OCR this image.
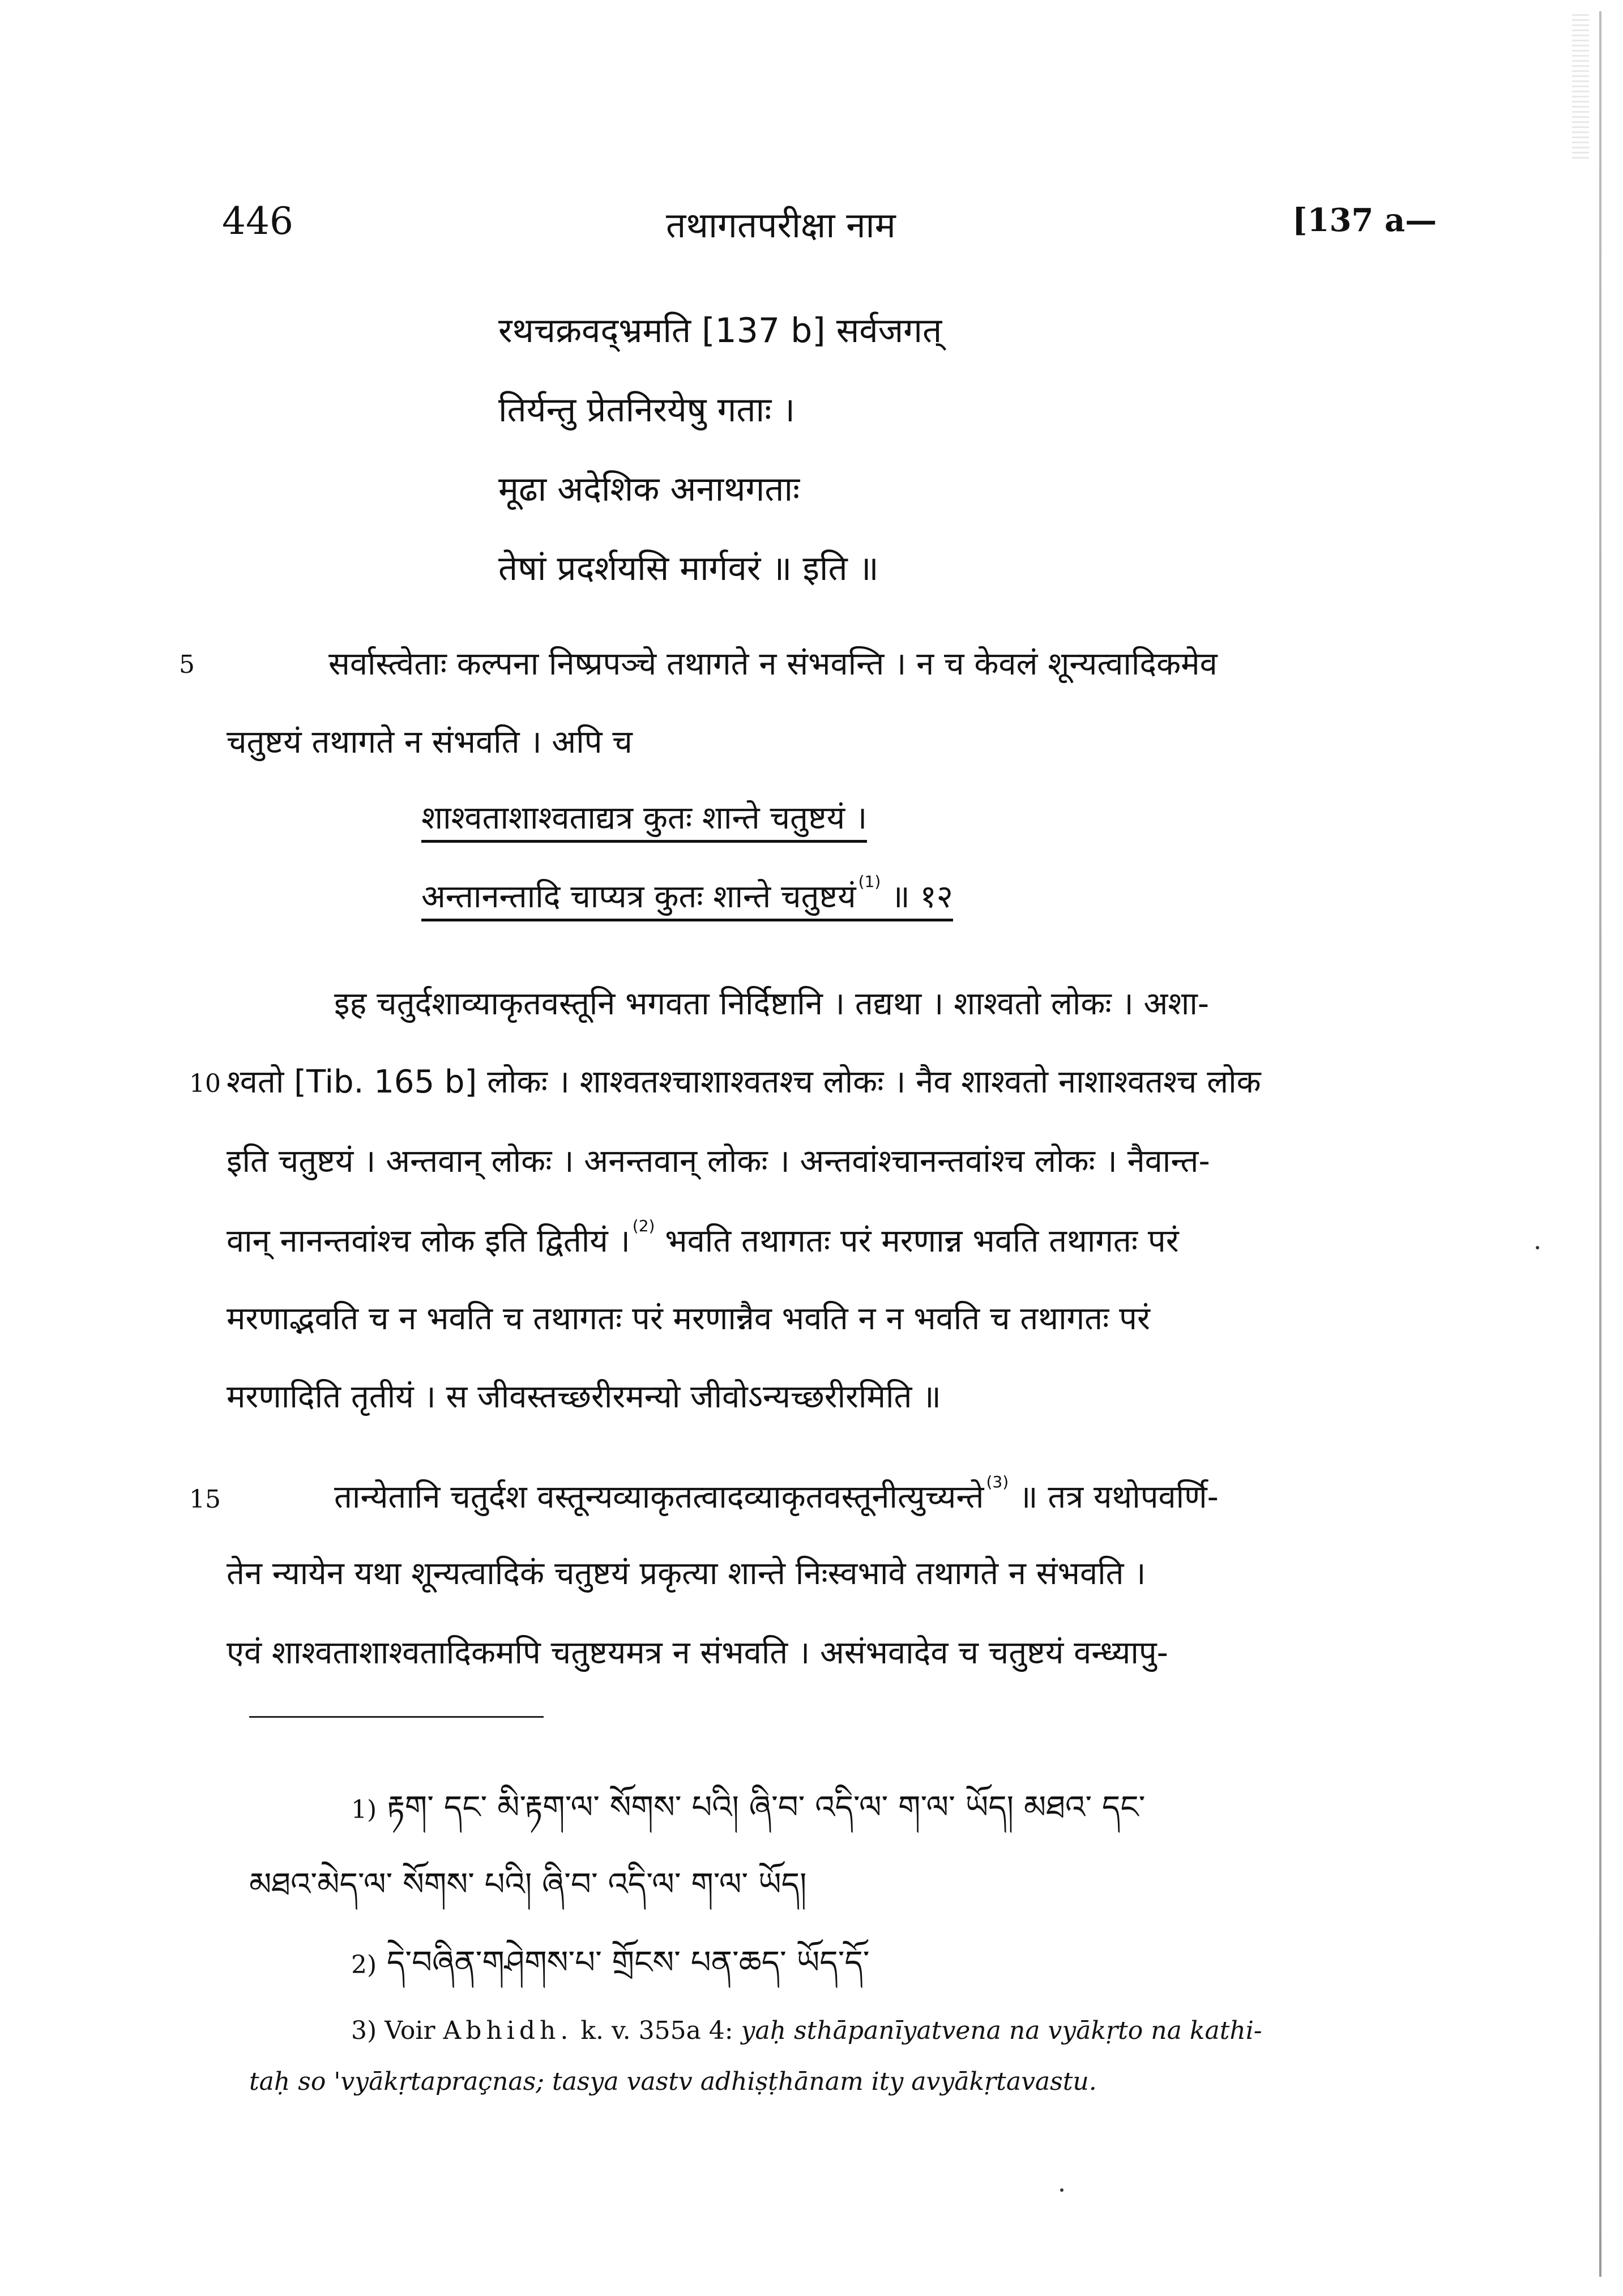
446	तथागतपरीक्षा नाम	[137 a—
रथचक्रवद्भ्रमति [137 b] सर्वजगत्
तिर्यन्तु प्रेतनिरयेषु गताः ।
मूढा अदेशिक अनाथगताः
तेषां प्रदर्शयसि मार्गवरं ॥ इति ॥
5	सर्वास्त्वेताः कल्पना निष्प्रपञ्चे तथागते न संभवन्ति । न च केवलं शून्यत्वादिकमेव
चतुष्टयं तथागते न संभवति । अपि च
शाश्वताशाश्वताद्यत्र कुतः शान्ते चतुष्टयं ।
अन्तानन्तादि चाप्यत्र कुतः शान्ते चतुष्टयं $^{(1)}$ ॥ १२
इह चतुर्दशाव्याकृतवस्तूनि भगवता निर्दिष्टानि । तद्यथा । शाश्वतो लोकः । अशा-
10 श्वतो [Tib. 165 b] लोकः । शाश्वतश्चाशाश्वतश्च लोकः । नैव शाश्वतो नाशाश्वतश्च लोक
इति चतुष्टयं । अन्तवान् लोकः । अनन्तवान् लोकः । अन्तवांश्चानन्तवांश्च लोकः । नैवान्त-
वान् नानन्तवांश्च लोक इति द्वितीयं । $^{(2)}$ भवति तथागतः परं मरणान्न भवति तथागतः परं
मरणाद्भवति च न भवति च तथागतः परं मरणान्नैव भवति न न भवति च तथागतः परं
मरणादिति तृतीयं । स जीवस्तच्छरीरमन्यो जीवोऽन्यच्छरीरमिति ॥
15	तान्येतानि चतुर्दश वस्तून्यव्याकृतत्वादव्याकृतवस्तूनीत्युच्यन्ते $^{(3)}$ ॥ तत्र यथोपवर्णि-
तेन न्यायेन यथा शून्यत्वादिकं चतुष्टयं प्रकृत्या शान्ते निःस्वभावे तथागते न संभवति ।
एवं शाश्वताशाश्वतादिकमपि चतुष्टयमत्र न संभवति । असंभवादेव च चतुष्टयं वन्ध्यापु-
1) རྟག་ དང་ མི་རྟག་ལ་ སོགས་ པའི། ཞི་བ་ འདི་ལ་ ག་ལ་ ཡོད། མཐའ་ དང་
མཐའ་མེད་ལ་ སོགས་ པའི། ཞི་བ་ འདི་ལ་ ག་ལ་ ཡོད།
2) དེ་བཞིན་གཤེགས་པ་ གྲོངས་ པན་ཆད་ ཡོད་དོ་
3) Voir Abhidh. k. v. 355a 4: yaḥ sthāpanīyatvena na vyākṛto na kathi-
taḥ so 'vyākṛtapraçnas; tasya vastv adhiṣṭhānam ity avyākṛtavastu.
